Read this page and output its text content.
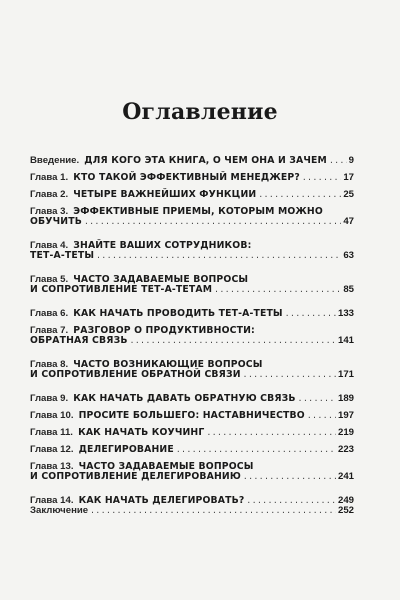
Оглавление
Введение.
ДЛЯ КОГО ЭТА КНИГА, О ЧЕМ ОНА И ЗАЧЕМ ..... 9
Глава 1.
КТО ТАКОЙ ЭФФЕКТИВНЫЙ МЕНЕДЖЕР? .....	17
Глава 2.
ЧЕТЫРЕ ВАЖНЕЙШИХ ФУНКЦИИ .....	25
Глава 3.
ЭФФЕКТИВНЫЕ ПРИЕМЫ, КОТОРЫМ МОЖНО
ОБУЧИТЬ .....	47
Глава 4.
ЗНАЙТЕ ВАШИХ СОТРУДНИКОВ:
ТЕТ-А-ТЕТЫ .....	63
Глава 5.
ЧАСТО ЗАДАВАЕМЫЕ ВОПРОСЫ
И СОПРОТИВЛЕНИЕ ТЕТ-А-ТЕТАМ .....	85
Глава 6.
КАК НАЧАТЬ ПРОВОДИТЬ ТЕТ-А-ТЕТЫ .....	133
Глава 7.
РАЗГОВОР О ПРОДУКТИВНОСТИ:
ОБРАТНАЯ СВЯЗЬ .....	141
Глава 8.
ЧАСТО ВОЗНИКАЮЩИЕ ВОПРОСЫ
И СОПРОТИВЛЕНИЕ ОБРАТНОЙ СВЯЗИ .....	171
Глава 9.
КАК НАЧАТЬ ДАВАТЬ ОБРАТНУЮ СВЯЗЬ .....	189
Глава 10.
ПРОСИТЕ БОЛЬШЕГО: НАСТАВНИЧЕСТВО .....	197
Глава 11.
КАК НАЧАТЬ КОУЧИНГ .....	219
Глава 12.
ДЕЛЕГИРОВАНИЕ .....	223
Глава 13.
ЧАСТО ЗАДАВАЕМЫЕ ВОПРОСЫ
И СОПРОТИВЛЕНИЕ ДЕЛЕГИРОВАНИЮ .....	241
Глава 14.
КАК НАЧАТЬ ДЕЛЕГИРОВАТЬ? .....	249
Заключение .....	252
